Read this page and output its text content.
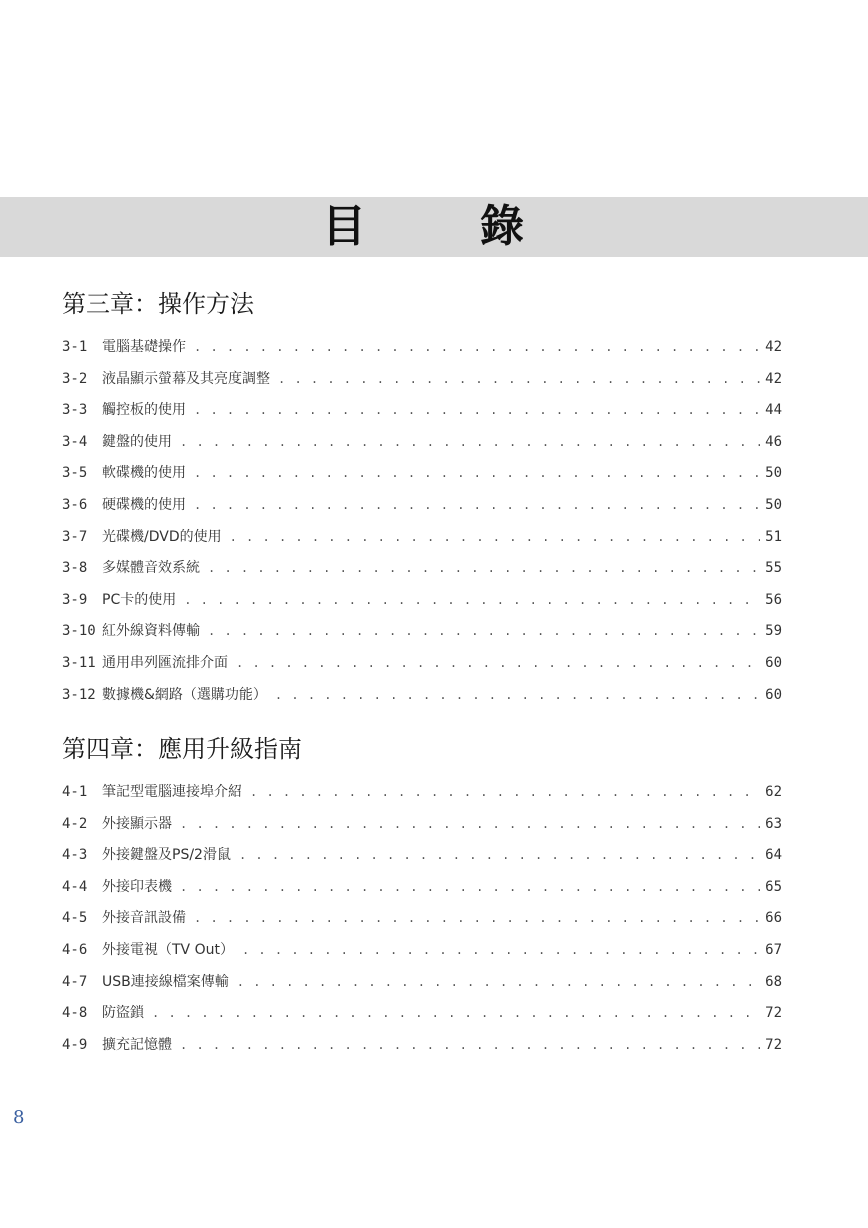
目	錄
第三章：操作方法
3-1	電腦基礎操作 . . .	42
3-2	液晶顯示螢幕及其亮度調整 . . .	42
3-3	觸控板的使用 . . .	44
3-4	鍵盤的使用 . . .	46
3-5	軟碟機的使用 . . .	50
3-6	硬碟機的使用 . . .	50
3-7	光碟機/DVD的使用 . . .	51
3-8	多媒體音效系統 . . .	55
3-9	PC卡的使用 . . .	56
3-10 紅外線資料傳輸 . . .	59
3-11 通用串列匯流排介面 . . .	60
3-12 數據機&網路（選購功能） . . .	60
第四章：應用升級指南
4-1	筆記型電腦連接埠介紹 . . .	62
4-2	外接顯示器 . . .	63
4-3	外接鍵盤及PS/2滑鼠 . . .	64
4-4	外接印表機 . . .	65
4-5	外接音訊設備 . . .	66
4-6	外接電視（TV Out） . . .	67
4-7	USB連接線檔案傳輸 . . .	68
4-8	防盜鎖 . . .	72
4-9	擴充記憶體 . . .	72
8
